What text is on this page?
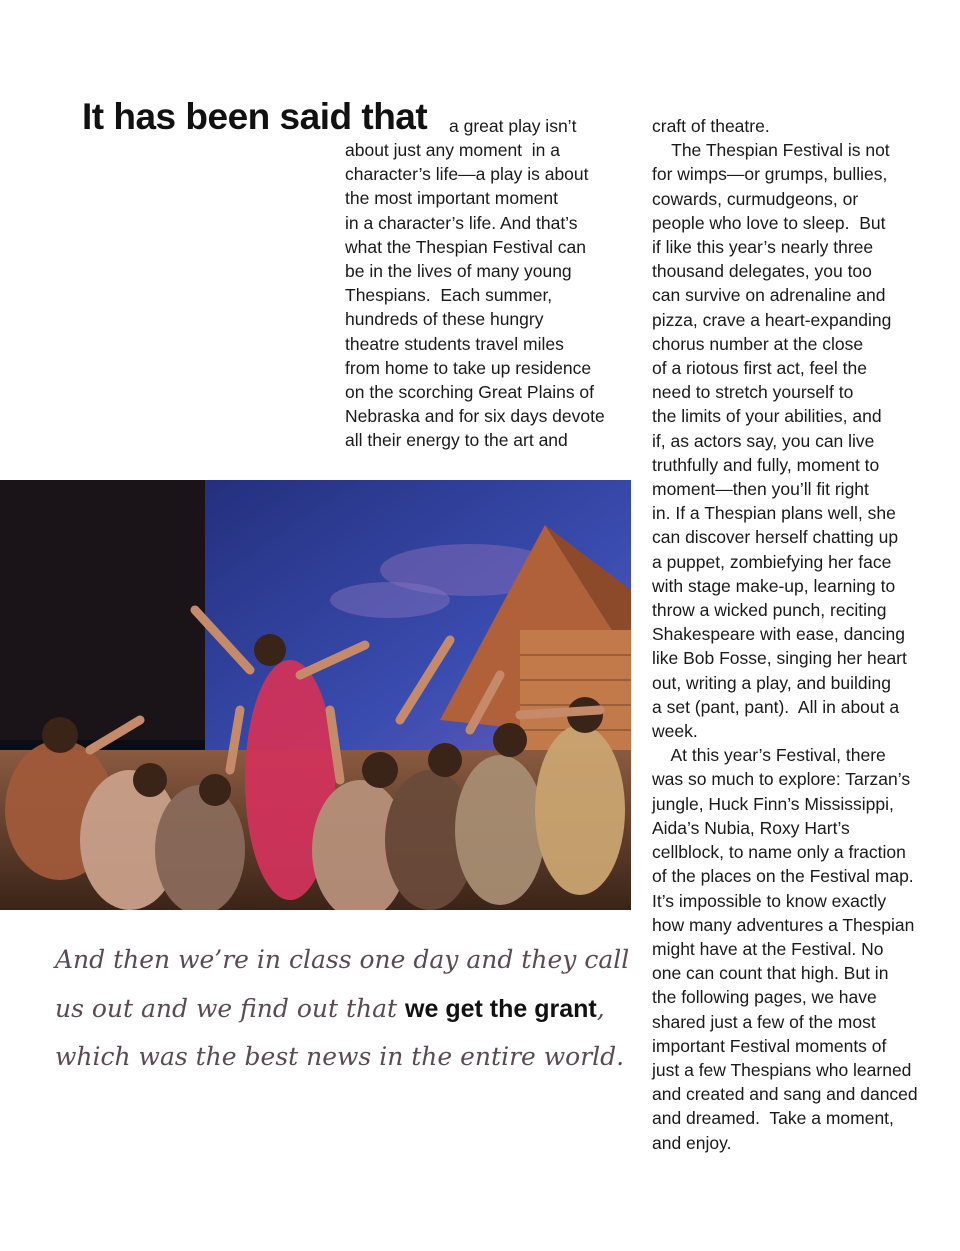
It has been said that	a great play isn’t
about just any moment  in a
character’s life—a play is about
the most important moment
in a character’s life. And that’s
what the Thespian Festival can
be in the lives of many young
Thespians.  Each summer,
hundreds of these hungry
theatre students travel miles
from home to take up residence
on the scorching Great Plains of
Nebraska and for six days devote
all their energy to the art and
craft of theatre.
The Thespian Festival is not
for wimps—or grumps, bullies,
cowards, curmudgeons, or
people who love to sleep.  But
if like this year’s nearly three
thousand delegates, you too
can survive on adrenaline and
pizza, crave a heart-expanding
chorus number at the close
of a riotous first act, feel the
need to stretch yourself to
the limits of your abilities, and
if, as actors say, you can live
truthfully and fully, moment to
moment—then you’ll fit right
in. If a Thespian plans well, she
can discover herself chatting up
a puppet, zombiefying her face
with stage make-up, learning to
throw a wicked punch, reciting
Shakespeare with ease, dancing
like Bob Fosse, singing her heart
out, writing a play, and building
a set (pant, pant).  All in about a
week.
At this year’s Festival, there
was so much to explore: Tarzan’s
jungle, Huck Finn’s Mississippi,
Aida’s Nubia, Roxy Hart’s
cellblock, to name only a fraction
of the places on the Festival map.
It’s impossible to know exactly
how many adventures a Thespian
might have at the Festival. No
one can count that high. But in
the following pages, we have
shared just a few of the most
important Festival moments of
just a few Thespians who learned
and created and sang and danced
and dreamed.  Take a moment,
and enjoy.
And then we’re in class one day and they call
us out and we find out that we get the grant,
which was the best news in the entire world.
